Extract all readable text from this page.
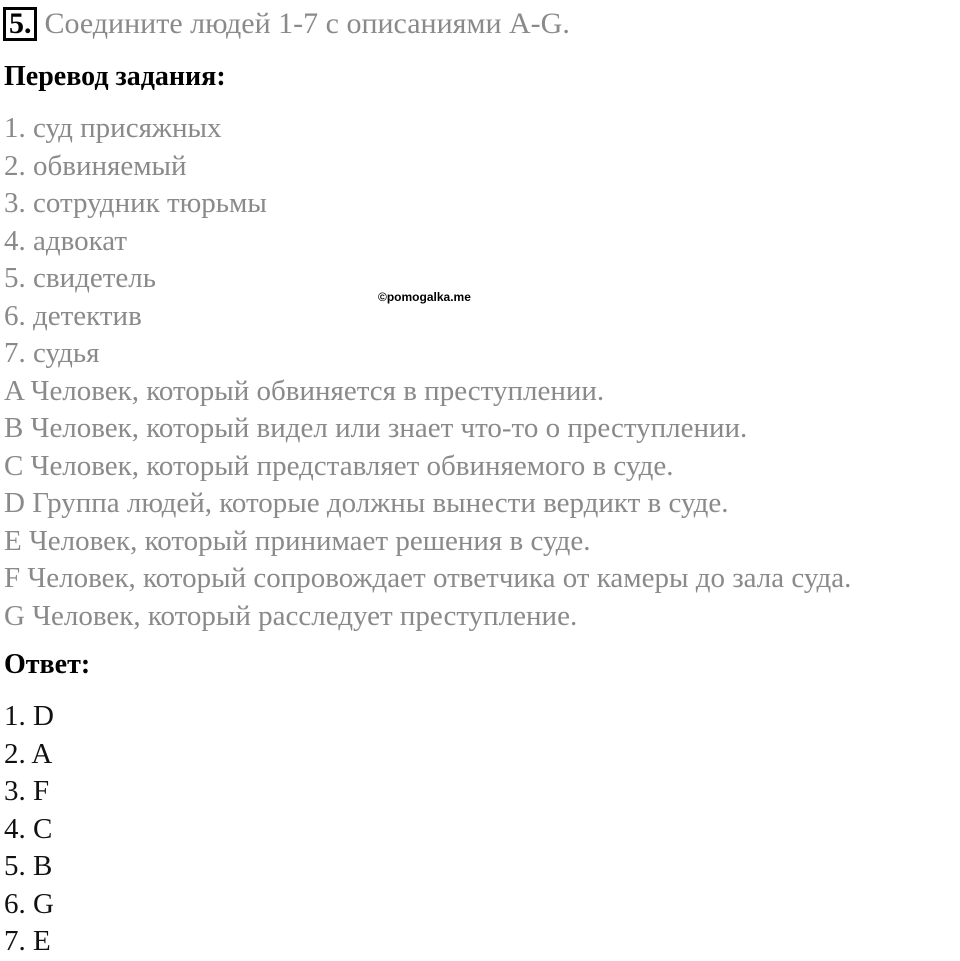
5. Соедините людей 1-7 с описаниями A-G.
Перевод задания:
1. суд присяжных
2. обвиняемый
3. сотрудник тюрьмы
4. адвокат
5. свидетель
6. детектив
7. судья
A Человек, который обвиняется в преступлении.
B Человек, который видел или знает что-то о преступлении.
C Человек, который представляет обвиняемого в суде.
D Группа людей, которые должны вынести вердикт в суде.
E Человек, который принимает решения в суде.
F Человек, который сопровождает ответчика от камеры до зала суда.
G Человек, который расследует преступление.
©pomogalka.me
Ответ:
1. D
2. A
3. F
4. C
5. B
6. G
7. E
